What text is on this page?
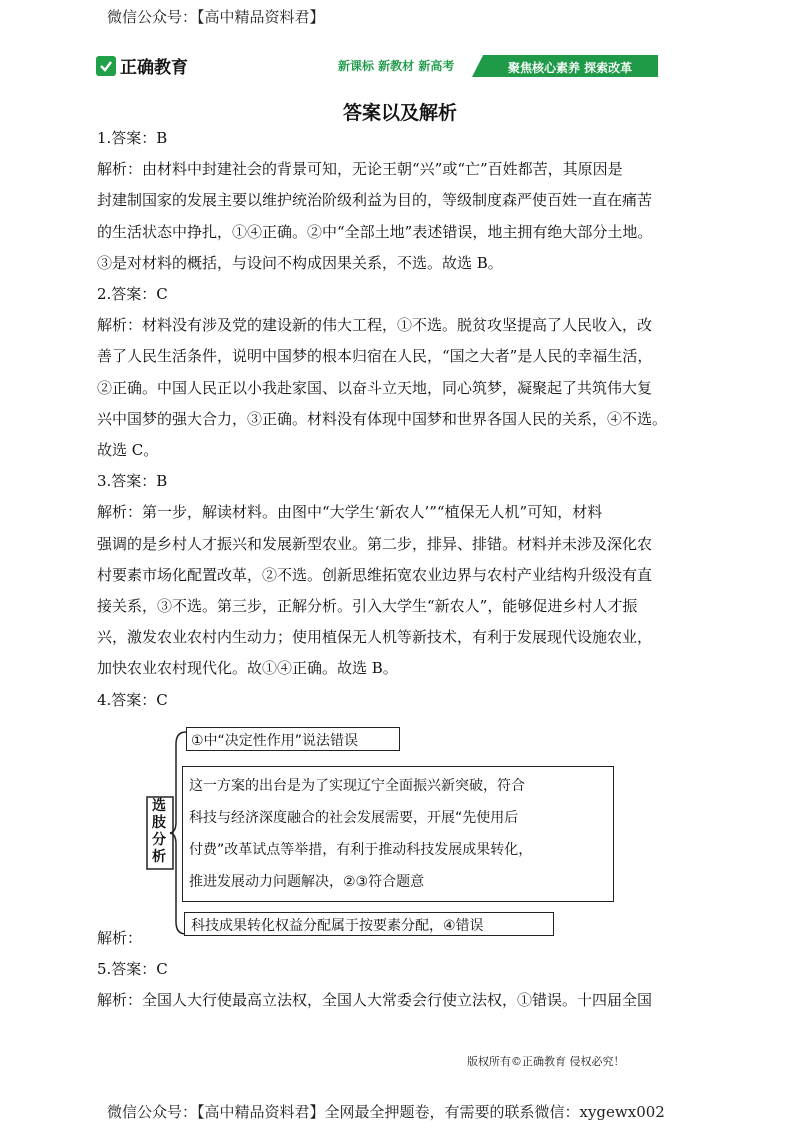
微信公众号：【高中精品资料君】
正确教育	新课标 新教材 新高考	聚焦核心素养 探索改革
答案以及解析
1.答案：B
解析：由材料中封建社会的背景可知，无论王朝“兴”或“亡”百姓都苦，其原因是
封建制国家的发展主要以维护统治阶级利益为目的，等级制度森严使百姓一直在痛苦
的生活状态中挣扎，①④正确。②中“全部土地”表述错误，地主拥有绝大部分土地。
③是对材料的概括，与设问不构成因果关系，不选。故选 B。
2.答案：C
解析：材料没有涉及党的建设新的伟大工程，①不选。脱贫攻坚提高了人民收入，改
善了人民生活条件，说明中国梦的根本归宿在人民，“国之大者”是人民的幸福生活，
②正确。中国人民正以小我赴家国、以奋斗立天地，同心筑梦，凝聚起了共筑伟大复
兴中国梦的强大合力，③正确。材料没有体现中国梦和世界各国人民的关系，④不选。
故选 C。
3.答案：B
解析：第一步，解读材料。由图中“大学生‘新农人’”“植保无人机”可知，材料
强调的是乡村人才振兴和发展新型农业。第二步，排异、排错。材料并未涉及深化农
村要素市场化配置改革，②不选。创新思维拓宽农业边界与农村产业结构升级没有直
接关系，③不选。第三步，正解分析。引入大学生“新农人”，能够促进乡村人才振
兴，激发农业农村内生动力；使用植保无人机等新技术，有利于发展现代设施农业，
加快农业农村现代化。故①④正确。故选 B。
4.答案：C
选
肢
分
析
①中“决定性作用”说法错误
这一方案的出台是为了实现辽宁全面振兴新突破，符合
科技与经济深度融合的社会发展需要，开展“先使用后
付费”改革试点等举措，有利于推动科技发展成果转化，
推进发展动力问题解决，②③符合题意
科技成果转化权益分配属于按要素分配，④错误
解析：
5.答案：C
解析：全国人大行使最高立法权，全国人大常委会行使立法权，①错误。十四届全国
版权所有©正确教育 侵权必究！
微信公众号：【高中精品资料君】全网最全押题卷，有需要的联系微信：xygewx002
